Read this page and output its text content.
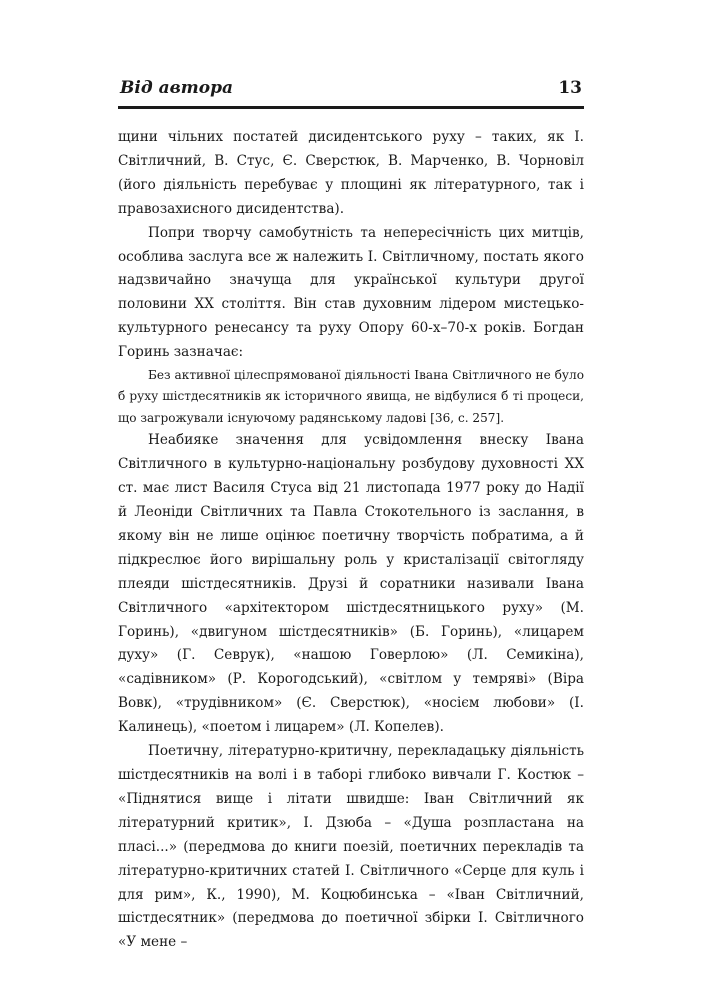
Від автора	13

щини чільних постатей дисидентського руху – таких, як І. Світличний, В. Стус, Є. Сверстюк, В. Марченко, В. Чорновіл (його діяльність перебуває у площині як літературного, так і правозахисного дисидентства).

Попри творчу самобутність та непересічність цих митців, особлива заслуга все ж належить І. Світличному, постать якого надзвичайно значуща для української культури другої половини ХХ століття. Він став духовним лідером мистецько-культурного ренесансу та руху Опору 60-х–70-х років. Богдан Горинь зазначає:

Без активної цілеспрямованої діяльності Івана Світличного не було б руху шістдесятників як історичного явища, не відбулися б ті процеси, що загрожували існуючому радянському ладові [36, с. 257].

Неабияке значення для усвідомлення внеску Івана Світличного в культурно-національну розбудову духовності ХХ ст. має лист Василя Стуса від 21 листопада 1977 року до Надії й Леоніди Світличних та Павла Стокотельного із заслання, в якому він не лише оцінює поетичну творчість побратима, а й підкреслює його вирішальну роль у кристалізації світогляду плеяди шістдесятників. Друзі й соратники називали Івана Світличного «архітектором шістдесятницького руху» (М. Горинь), «двигуном шістдесятників» (Б. Горинь), «лицарем духу» (Г. Севрук), «нашою Говерлою» (Л. Семикіна), «садівником» (Р. Корогодський), «світлом у темряві» (Віра Вовк), «трудівником» (Є. Сверстюк), «носієм любови» (І. Калинець), «поетом і лицарем» (Л. Копелев).

Поетичну, літературно-критичну, перекладацьку діяльність шістдесятників на волі і в таборі глибоко вивчали Г. Костюк – «Піднятися вище і літати швидше: Іван Світличний як літературний критик», І. Дзюба – «Душа розпластана на пласі...» (передмова до книги поезій, поетичних перекладів та літературно-критичних статей І. Світличного «Серце для куль і для рим», К., 1990), М. Коцюбинська – «Іван Світличний, шістдесятник» (передмова до поетичної збірки І. Світличного «У мене –
